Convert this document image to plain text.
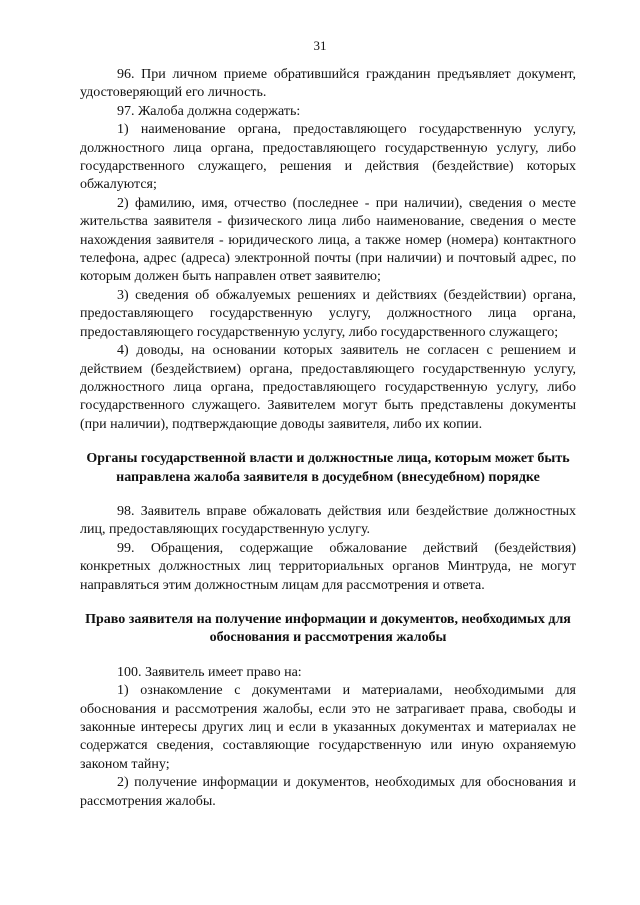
31

96. При личном приеме обратившийся гражданин предъявляет документ, удостоверяющий его личность.

97. Жалоба должна содержать:

1) наименование органа, предоставляющего государственную услугу, должностного лица органа, предоставляющего государственную услугу, либо государственного служащего, решения и действия (бездействие) которых обжалуются;

2) фамилию, имя, отчество (последнее - при наличии), сведения о месте жительства заявителя - физического лица либо наименование, сведения о месте нахождения заявителя - юридического лица, а также номер (номера) контактного телефона, адрес (адреса) электронной почты (при наличии) и почтовый адрес, по которым должен быть направлен ответ заявителю;

3) сведения об обжалуемых решениях и действиях (бездействии) органа, предоставляющего государственную услугу, должностного лица органа, предоставляющего государственную услугу, либо государственного служащего;

4) доводы, на основании которых заявитель не согласен с решением и действием (бездействием) органа, предоставляющего государственную услугу, должностного лица органа, предоставляющего государственную услугу, либо государственного служащего. Заявителем могут быть представлены документы (при наличии), подтверждающие доводы заявителя, либо их копии.

Органы государственной власти и должностные лица, которым может быть направлена жалоба заявителя в досудебном (внесудебном) порядке

98. Заявитель вправе обжаловать действия или бездействие должностных лиц, предоставляющих государственную услугу.

99. Обращения, содержащие обжалование действий (бездействия) конкретных должностных лиц территориальных органов Минтруда, не могут направляться этим должностным лицам для рассмотрения и ответа.

Право заявителя на получение информации и документов, необходимых для обоснования и рассмотрения жалобы

100. Заявитель имеет право на:

1) ознакомление с документами и материалами, необходимыми для обоснования и рассмотрения жалобы, если это не затрагивает права, свободы и законные интересы других лиц и если в указанных документах и материалах не содержатся сведения, составляющие государственную или иную охраняемую законом тайну;

2) получение информации и документов, необходимых для обоснования и рассмотрения жалобы.
